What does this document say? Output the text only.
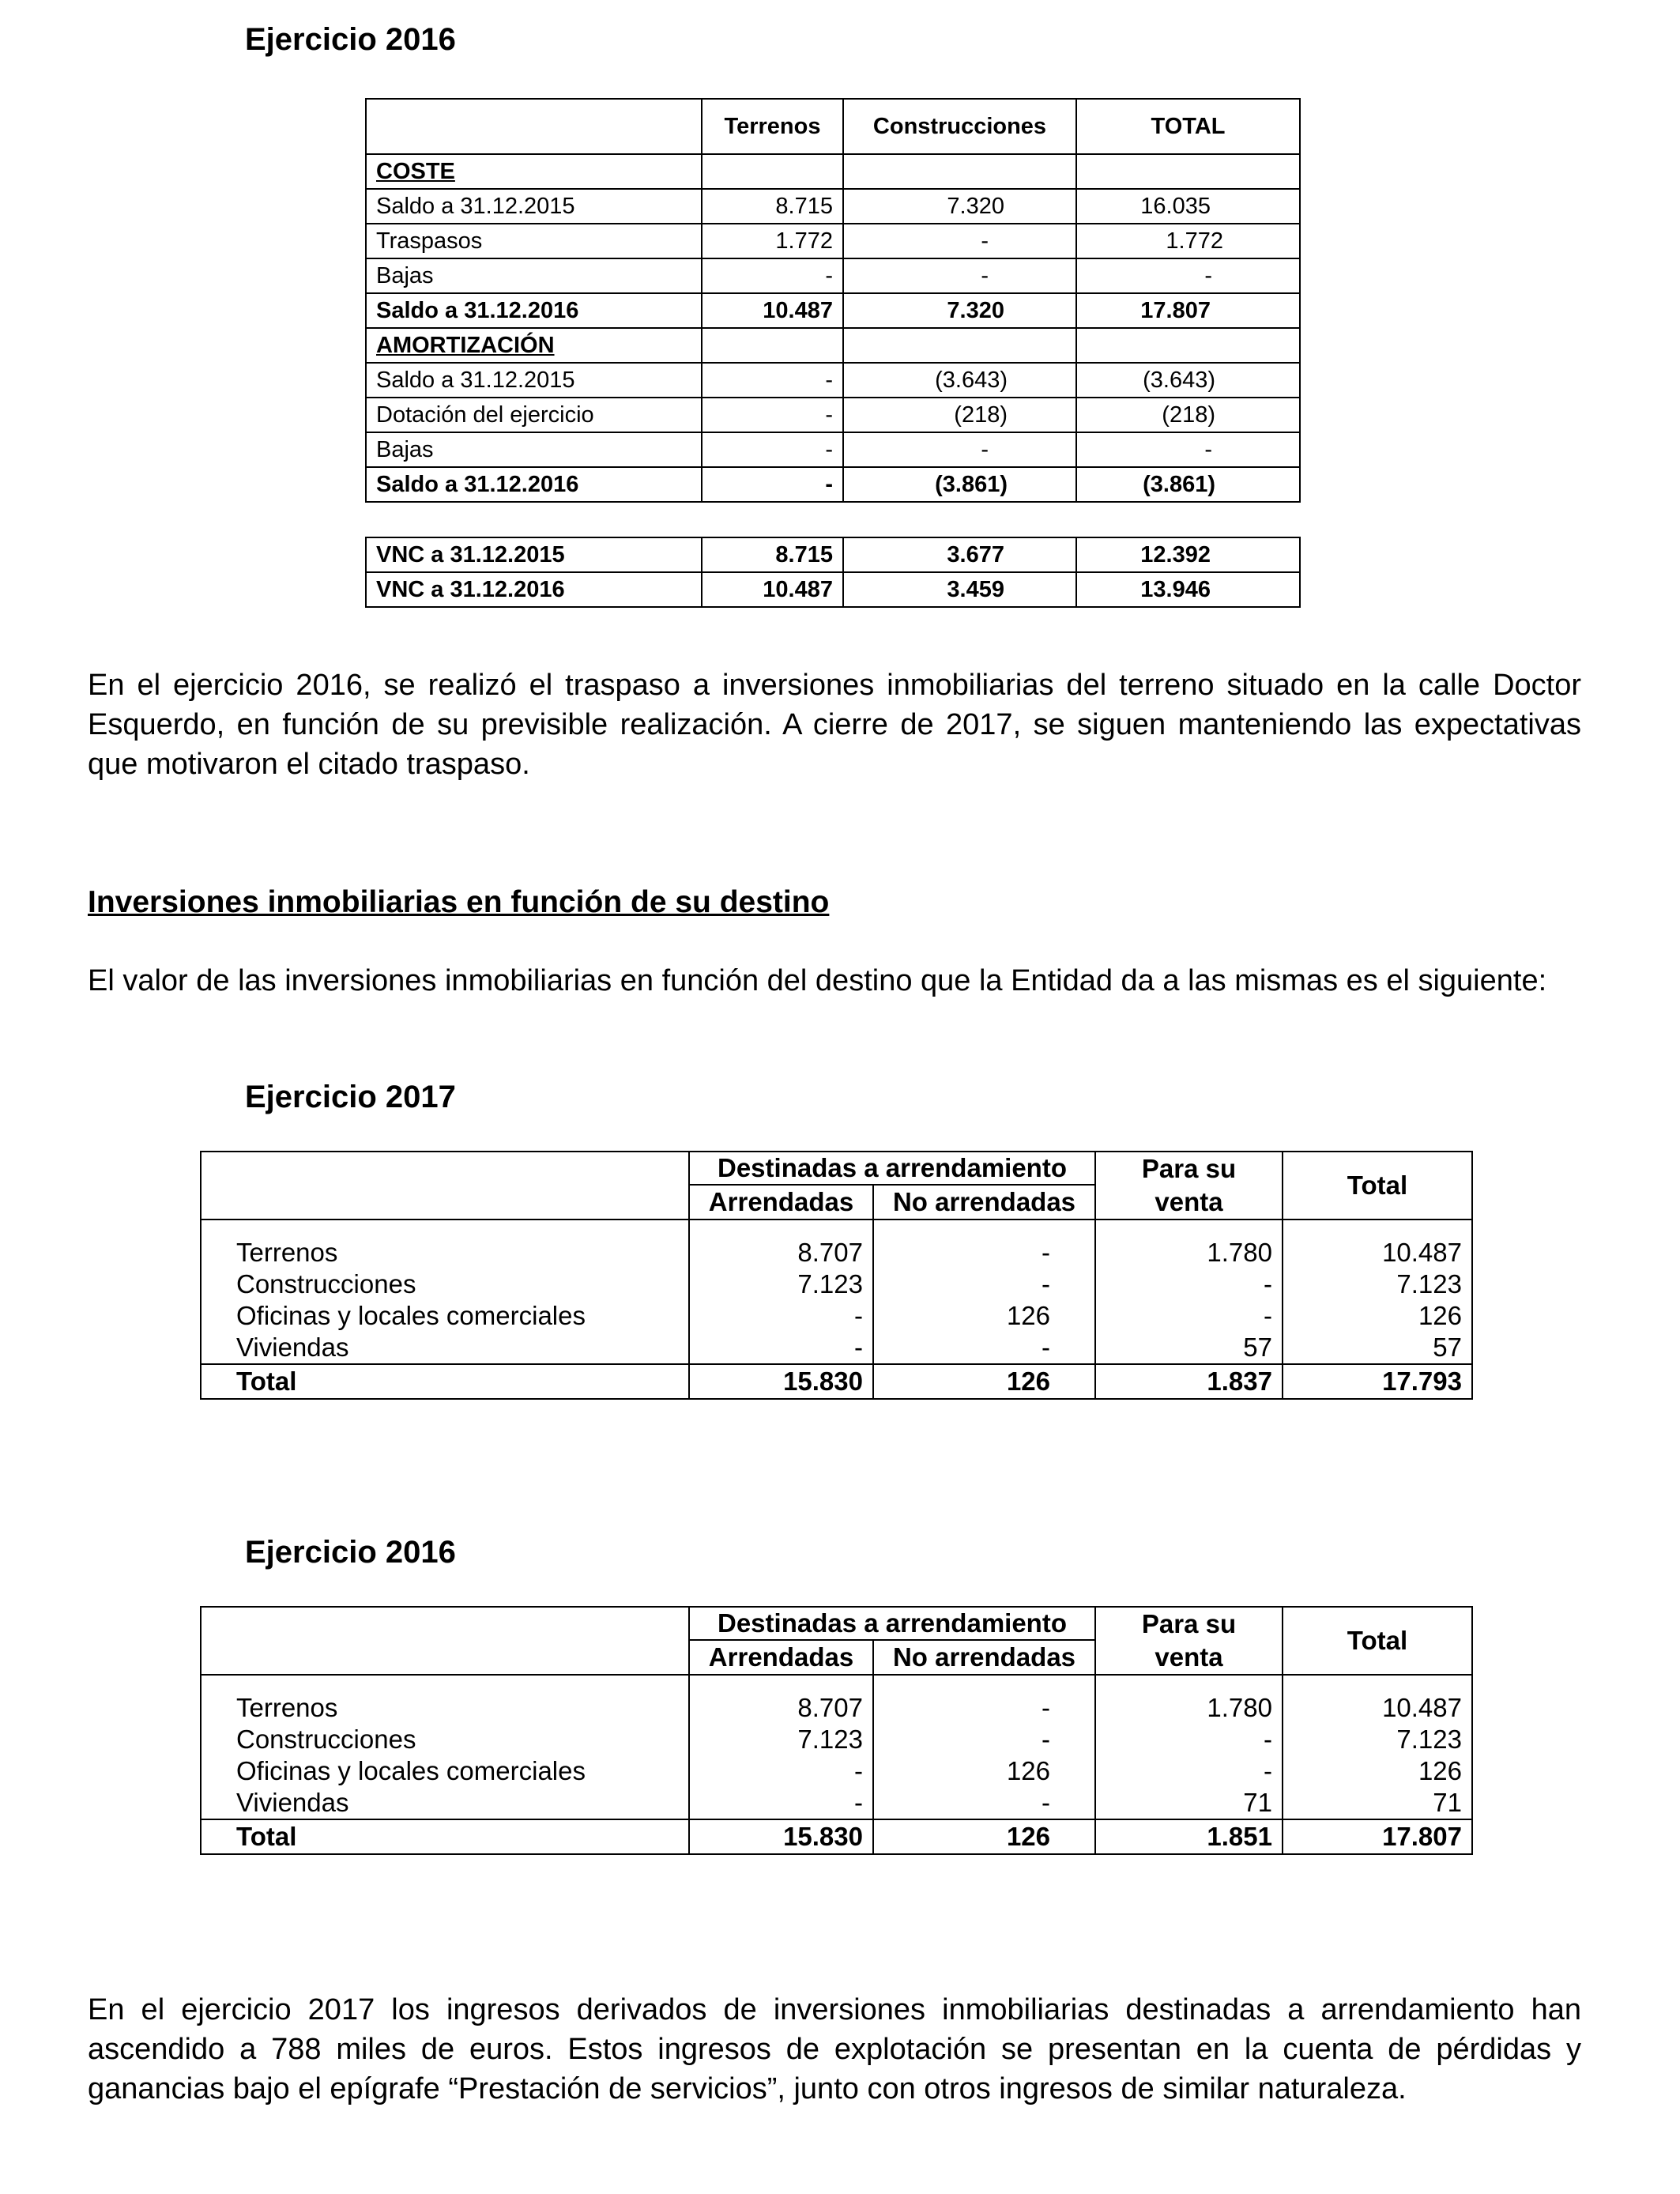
Ejercicio 2016
	Terrenos	Construcciones	TOTAL
COSTE			
Saldo a 31.12.2015	8.715	7.320	16.035
Traspasos	1.772	-	1.772
Bajas	-	-	-
Saldo a 31.12.2016	10.487	7.320	17.807
AMORTIZACIÓN			
Saldo a 31.12.2015	-	(3.643)	(3.643)
Dotación del ejercicio	-	(218)	(218)
Bajas	-	-	-
Saldo a 31.12.2016	-	(3.861)	(3.861)

VNC a 31.12.2015	8.715	3.677	12.392
VNC a 31.12.2016	10.487	3.459	13.946

En el ejercicio 2016, se realizó el traspaso a inversiones inmobiliarias del terreno situado en la calle Doctor Esquerdo, en función de su previsible realización. A cierre de 2017, se siguen manteniendo las expectativas que motivaron el citado traspaso.

Inversiones inmobiliarias en función de su destino

El valor de las inversiones inmobiliarias en función del destino que la Entidad da a las mismas es el siguiente:

Ejercicio 2017
	Destinadas a arrendamiento		Para su	Total
	Arrendadas	No arrendadas	venta	
Terrenos	8.707	-	1.780	10.487
Construcciones	7.123	-	-	7.123
Oficinas y locales comerciales	-	126	-	126
Viviendas	-	-	57	57
Total	15.830	126	1.837	17.793
Ejercicio 2016
	Destinadas a arrendamiento		Para su	Total
	Arrendadas	No arrendadas	venta	
Terrenos	8.707	-	1.780	10.487
Construcciones	7.123	-	-	7.123
Oficinas y locales comerciales	-	126	-	126
Viviendas	-	-	71	71
Total	15.830	126	1.851	17.807

En el ejercicio 2017 los ingresos derivados de inversiones inmobiliarias destinadas a arrendamiento han ascendido a 788 miles de euros. Estos ingresos de explotación se presentan en la cuenta de pérdidas y ganancias bajo el epígrafe “Prestación de servicios”, junto con otros ingresos de similar naturaleza.
